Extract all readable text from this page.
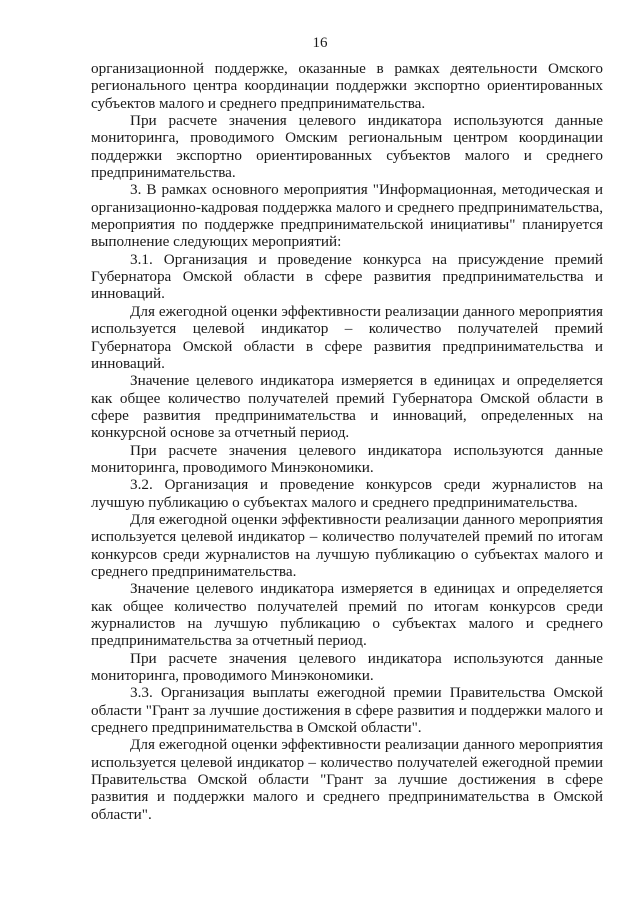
16

организационной поддержке, оказанные в рамках деятельности Омского регионального центра координации поддержки экспортно ориентированных субъектов малого и среднего предпринимательства.

При расчете значения целевого индикатора используются данные мониторинга, проводимого Омским региональным центром координации поддержки экспортно ориентированных субъектов малого и среднего предпринимательства.

3. В рамках основного мероприятия "Информационная, методическая и организационно-кадровая поддержка малого и среднего предпринимательства, мероприятия по поддержке предпринимательской инициативы" планируется выполнение следующих мероприятий:

3.1. Организация и проведение конкурса на присуждение премий Губернатора Омской области в сфере развития предпринимательства и инноваций.

Для ежегодной оценки эффективности реализации данного мероприятия используется целевой индикатор – количество получателей премий Губернатора Омской области в сфере развития предпринимательства и инноваций.

Значение целевого индикатора измеряется в единицах и определяется как общее количество получателей премий Губернатора Омской области в сфере развития предпринимательства и инноваций, определенных на конкурсной основе за отчетный период.

При расчете значения целевого индикатора используются данные мониторинга, проводимого Минэкономики.

3.2. Организация и проведение конкурсов среди журналистов на лучшую публикацию о субъектах малого и среднего предпринимательства.

Для ежегодной оценки эффективности реализации данного мероприятия используется целевой индикатор – количество получателей премий по итогам конкурсов среди журналистов на лучшую публикацию о субъектах малого и среднего предпринимательства.

Значение целевого индикатора измеряется в единицах и определяется как общее количество получателей премий по итогам конкурсов среди журналистов на лучшую публикацию о субъектах малого и среднего предпринимательства за отчетный период.

При расчете значения целевого индикатора используются данные мониторинга, проводимого Минэкономики.

3.3. Организация выплаты ежегодной премии Правительства Омской области "Грант за лучшие достижения в сфере развития и поддержки малого и среднего предпринимательства в Омской области".

Для ежегодной оценки эффективности реализации данного мероприятия используется целевой индикатор – количество получателей ежегодной премии Правительства Омской области "Грант за лучшие достижения в сфере развития и поддержки малого и среднего предпринимательства в Омской области".
